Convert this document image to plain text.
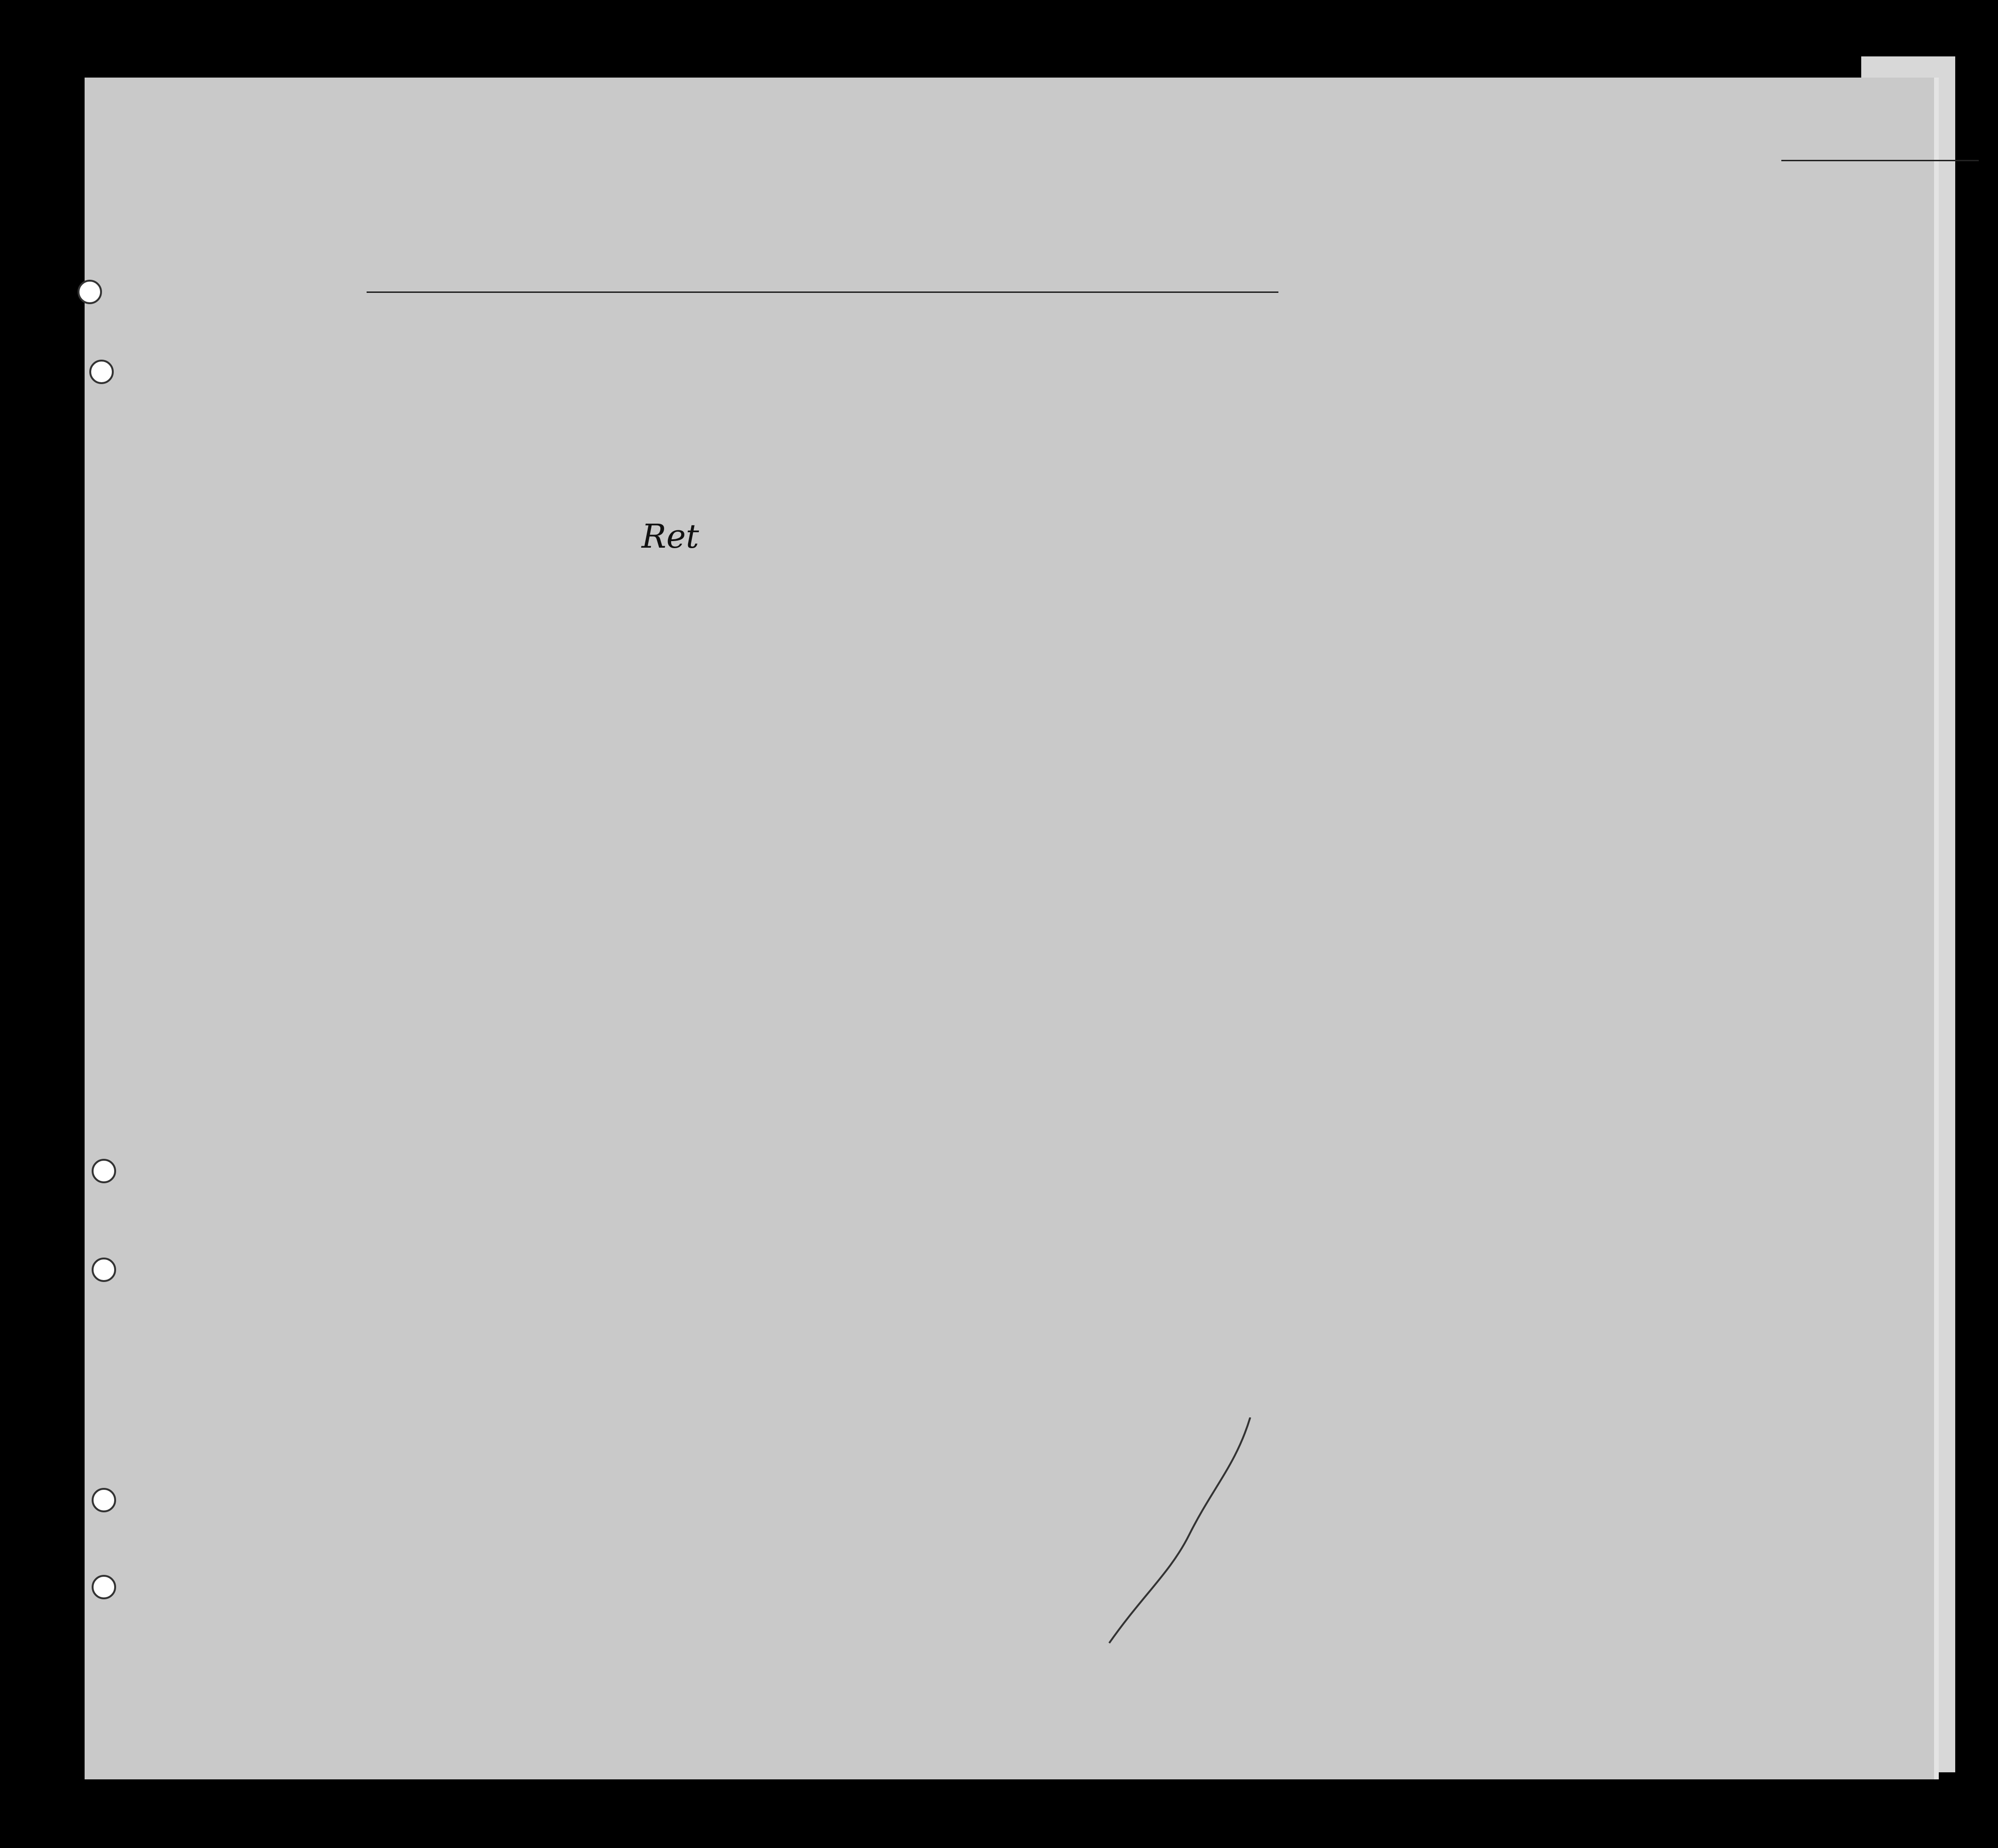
Ret
